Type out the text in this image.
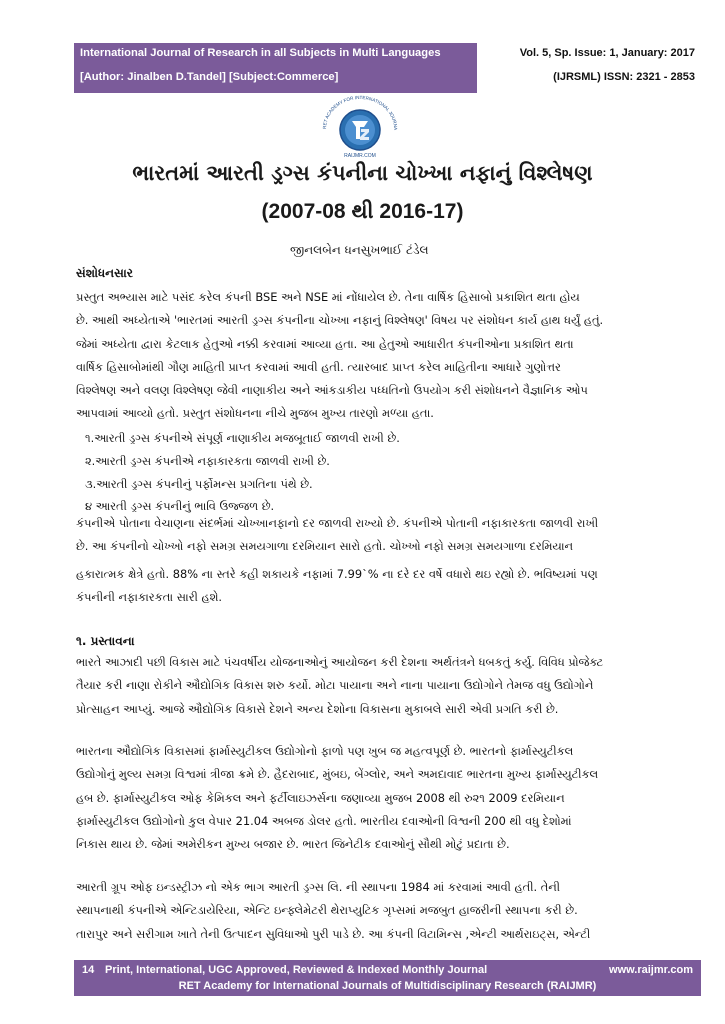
International Journal of Research in all Subjects in Multi Languages
[Author: Jinalben D.Tandel] [Subject:Commerce]
Vol. 5, Sp. Issue: 1, January: 2017
(IJRSML) ISSN: 2321 - 2853
RET ACADEMY FOR INTERNATIONAL JOURNA
RAIJMR.COM
ભારતમાં આરતી ડ્રગ્સ કંપનીના ચોખ્ખા નફાનું વિશ્લેષણ
(2007-08 થી 2016-17)
જીનલબેન ધનસુખભાઈ ટંડેલ
સંશોધનસાર
પ્રસ્તુત અભ્યાસ માટે પસંદ કરેલ કંપની BSE અને NSE માં નોંધાયેલ છે. તેના વાર્ષિક હિસાબો પ્રકાશિત થતા હોય
છે. આથી અધ્યેતાએ 'ભારતમાં આરતી ડ્રગ્સ કંપનીના ચોખ્ખા નફાનું વિશ્લેષણ' વિષય પર સંશોધન કાર્ય હાથ ધર્યું હતું.
જેમાં અધ્યેતા દ્વારા કેટલાક હેતુઓ નક્કી કરવામાં આવ્યા હતા. આ હેતુઓ આધારીત કંપનીઓના પ્રકાશિત થતા
વાર્ષિક હિસાબોમાંથી ગૌણ માહિતી પ્રાપ્ત કરવામાં આવી હતી. ત્યારબાદ પ્રાપ્ત કરેલ માહિતીના આધારે ગુણોત્તર
વિશ્લેષણ અને વલણ વિશ્લેષણ જેવી નાણાકીય અને આંકડાકીય પધ્ધતિનો ઉપયોગ કરી સંશોધનને વૈજ્ઞાનિક ઓપ
આપવામાં આવ્યો હતો. પ્રસ્તુત સંશોધનના નીચે મુજબ મુખ્ય તારણો મળ્યા હતા.
૧.આરતી ડ્રગ્સ કંપનીએ સંપૂર્ણ નાણાકીય મજબૂતાઈ જાળવી રાખી છે.
૨.આરતી ડ્રગ્સ કંપનીએ નફાકારકતા જાળવી રાખી છે.
૩.આરતી ડ્રગ્સ કંપનીનું પર્ફોમન્સ પ્રગતિના પંથે છે.
૪ આરતી ડ્રગ્સ કંપનીનું ભાવિ ઉજ્જળ છે.
કંપનીએ પોતાના વેચાણના સંદર્ભમાં ચોખ્ખાનફાનો દર જાળવી રાખ્યો છે. કંપનીએ પોતાની નફાકારકતા જાળવી રાખી
છે. આ કંપનીનો ચોખ્ખો નફો સમગ્ર સમયગાળા દરમિયાન સારો હતો. ચોખ્ખો નફો સમગ્ર સમયગાળા દરમિયાન
હકારાત્મક ક્ષેત્રે હતો. 88% ના સ્તરે કહી શકાયકે નફામાં 7.99`% ના દરે દર વર્ષે વધારો થઇ રહ્યો છે. ભવિષ્યમાં પણ
કંપનીની નફાકારકતા સારી હશે.
૧. પ્રસ્તાવના
ભારતે આઝાદી પછી વિકાસ માટે પંચવર્ષીય યોજનાઓનું આયોજન કરી દેશના અર્થતંત્રને ધબકતું કર્યુ. વિવિધ પ્રોજેક્ટ
તૈયાર કરી નાણા રોકીને ઔદ્યોગિક વિકાસ શરુ કર્યો. મોટા પાયાના અને નાના પાયાના ઉદ્યોગોને તેમજ વધુ ઉદ્યોગોને
પ્રોત્સાહન આપ્યું. આજે ઔદ્યોગિક વિકાસે દેશને અન્ય દેશોના વિકાસના મુકાબલે સારી એવી પ્રગતિ કરી છે.
ભારતના ઔદ્યોગિક વિકાસમાં ફાર્માસ્યુટીકલ ઉદ્યોગોનો ફાળો પણ ખુબ જ મહત્વપૂર્ણ છે. ભારતનો ફાર્માસ્યુટીકલ
ઉદ્યોગોનું મુલ્ય સમગ્ર વિશ્વમાં ત્રીજા ક્રમે છે. હૈદરાબાદ, મુંબઇ, બેંગ્લોર, અને અમદાવાદ ભારતના મુખ્ય ફાર્માસ્યુટીકલ
હબ છે. ફાર્માસ્યુટીકલ ઓફ કેમિકલ અને ફર્ટીલાઇઝર્સના જણાવ્યા મુજબ 2008 થી રુ૨૧ 2009 દરમિયાન
ફાર્માસ્યુટીકલ ઉદ્યોગોનો કુલ વેપાર 21.04 અબજ ડોલર હતો. ભારતીય દવાઓની વિશ્વની 200 થી વધુ દેશોમાં
નિકાસ થાય છે. જેમાં અમેરીકન મુખ્ય બજાર છે. ભારત જિનેટીક દવાઓનું સૌથી મોટું પ્રદાતા છે.
આરતી ગ્રૂપ ઓફ ઇન્ડસ્ટ્રીઝ નો એક ભાગ આરતી ડ્રગ્સ લિ. ની સ્થાપના 1984 માં કરવામાં આવી હતી. તેની
સ્થાપનાથી કંપનીએ એન્ટિડાયેરિયા, એન્ટિ ઇન્ફ્લેમેટરી થેરાપ્યુટિક ગૃપ્સમાં મજબુત હાજરીની સ્થાપના કરી છે.
તારાપુર અને સરીગામ ખાતે તેની ઉત્પાદન સુવિધાઓ પુરી પાડે છે. આ કંપની વિટામિન્સ ,એન્ટી આર્થરાઇટ્સ, એન્ટી
14 Print, International, UGC Approved, Reviewed & Indexed Monthly Journal	www.raijmr.com
RET Academy for International Journals of Multidisciplinary Research (RAIJMR)
